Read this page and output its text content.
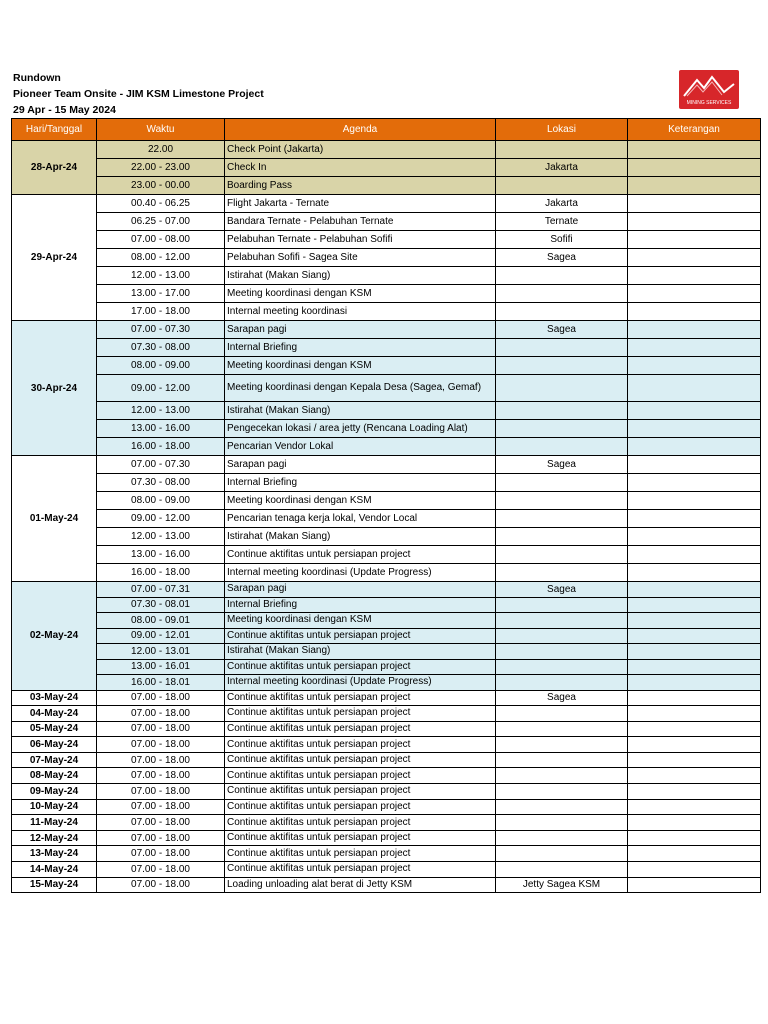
Rundown
Pioneer Team Onsite - JIM KSM Limestone Project
29 Apr - 15 May 2024
MINING SERVICES
Hari/Tanggal	Waktu	Agenda	Lokasi	Keterangan
28-Apr-24	22.00	Check Point (Jakarta)		
	22.00 - 23.00	Check In	Jakarta	
	23.00 - 00.00	Boarding Pass		
29-Apr-24	00.40 - 06.25	Flight Jakarta - Ternate	Jakarta	
	06.25 - 07.00	Bandara Ternate - Pelabuhan Ternate	Ternate	
	07.00 - 08.00	Pelabuhan Ternate - Pelabuhan Sofifi	Sofifi	
	08.00 - 12.00	Pelabuhan Sofifi - Sagea Site	Sagea	
	12.00 - 13.00	Istirahat (Makan Siang)		
	13.00 - 17.00	Meeting koordinasi dengan KSM		
	17.00 - 18.00	Internal meeting koordinasi		
30-Apr-24	07.00 - 07.30	Sarapan pagi	Sagea	
	07.30 - 08.00	Internal Briefing		
	08.00 - 09.00	Meeting koordinasi dengan KSM		
	09.00 - 12.00	Meeting koordinasi dengan Kepala Desa (Sagea, Gemaf)		
	12.00 - 13.00	Istirahat (Makan Siang)		
	13.00 - 16.00	Pengecekan lokasi / area jetty (Rencana Loading Alat)		
	16.00 - 18.00	Pencarian Vendor Lokal		
01-May-24	07.00 - 07.30	Sarapan pagi	Sagea	
	07.30 - 08.00	Internal Briefing		
	08.00 - 09.00	Meeting koordinasi dengan KSM		
	09.00 - 12.00	Pencarian tenaga kerja lokal, Vendor Local		
	12.00 - 13.00	Istirahat (Makan Siang)		
	13.00 - 16.00	Continue aktifitas untuk persiapan project		
	16.00 - 18.00	Internal meeting koordinasi (Update Progress)		
02-May-24	07.00 - 07.31	Sarapan pagi	Sagea	
	07.30 - 08.01	Internal Briefing		
	08.00 - 09.01	Meeting koordinasi dengan KSM		
	09.00 - 12.01	Continue aktifitas untuk persiapan project		
	12.00 - 13.01	Istirahat (Makan Siang)		
	13.00 - 16.01	Continue aktifitas untuk persiapan project		
	16.00 - 18.01	Internal meeting koordinasi (Update Progress)		
03-May-24	07.00 - 18.00	Continue aktifitas untuk persiapan project	Sagea	
04-May-24	07.00 - 18.00	Continue aktifitas untuk persiapan project		
05-May-24	07.00 - 18.00	Continue aktifitas untuk persiapan project		
06-May-24	07.00 - 18.00	Continue aktifitas untuk persiapan project		
07-May-24	07.00 - 18.00	Continue aktifitas untuk persiapan project		
08-May-24	07.00 - 18.00	Continue aktifitas untuk persiapan project		
09-May-24	07.00 - 18.00	Continue aktifitas untuk persiapan project		
10-May-24	07.00 - 18.00	Continue aktifitas untuk persiapan project		
11-May-24	07.00 - 18.00	Continue aktifitas untuk persiapan project		
12-May-24	07.00 - 18.00	Continue aktifitas untuk persiapan project		
13-May-24	07.00 - 18.00	Continue aktifitas untuk persiapan project		
14-May-24	07.00 - 18.00	Continue aktifitas untuk persiapan project		
15-May-24	07.00 - 18.00	Loading unloading alat berat di Jetty KSM	Jetty Sagea KSM	
